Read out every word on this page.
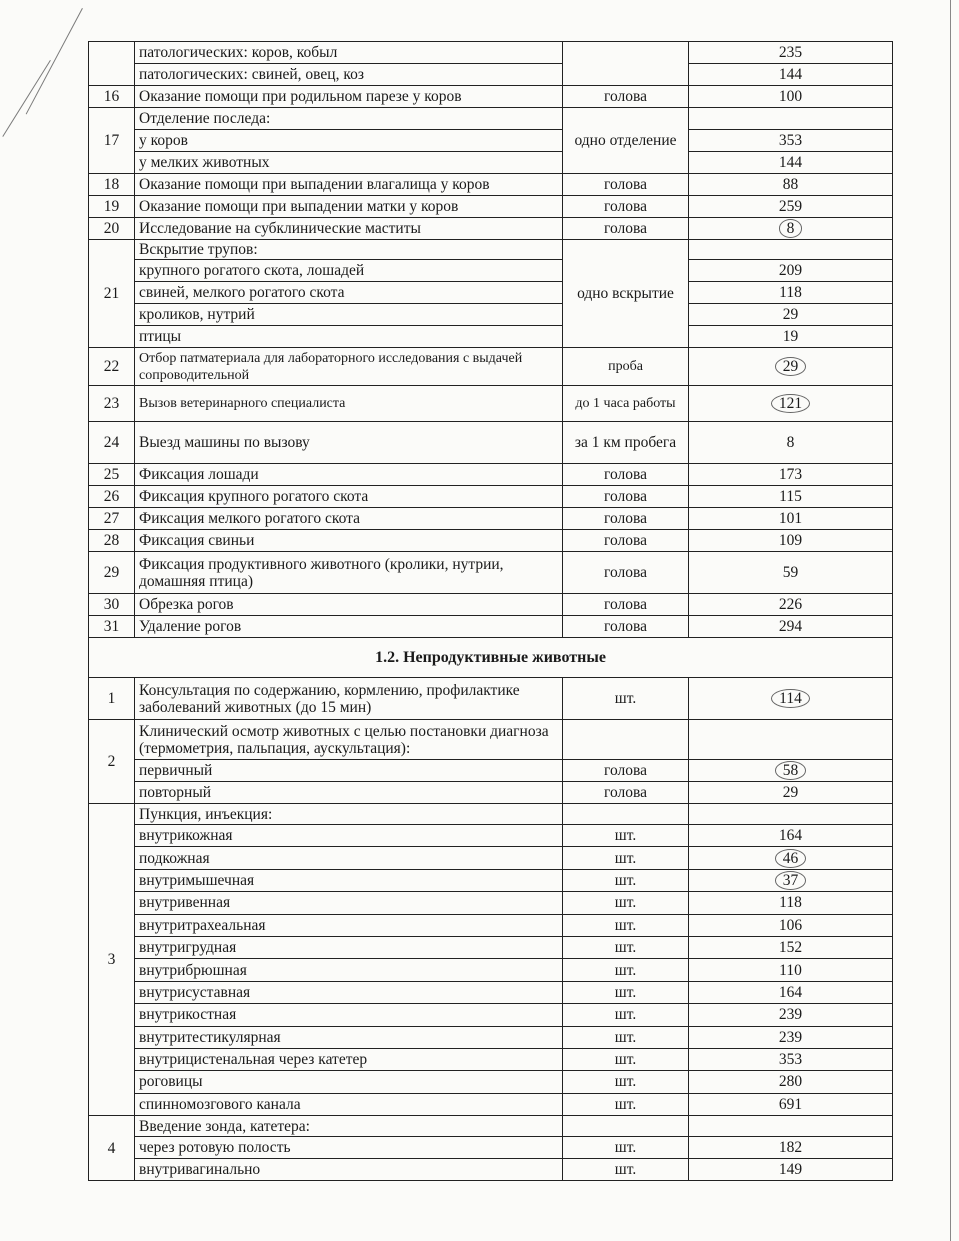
	патологических: коров, кобыл		235
	патологических: свиней, овец, коз		144
16	Оказание помощи при родильном парезе у коров	голова	100
17	Отделение последа:	одно отделение	
	у коров		353
	у мелких животных		144
18	Оказание помощи при выпадении влагалища у коров	голова	88
19	Оказание помощи при выпадении матки у коров	голова	259
20	Исследование на субклинические маститы	голова	8
21	Вскрытие трупов:	одно вскрытие	
	крупного рогатого скота, лошадей		209
	свиней, мелкого рогатого скота		118
	кроликов, нутрий		29
	птицы		19
22	Отбор патматериала для лабораторного исследования с выдачей сопроводительной	проба	29
23	Вызов ветеринарного специалиста	до 1 часа работы	121
24	Выезд машины по вызову	за 1 км пробега	8
25	Фиксация лошади	голова	173
26	Фиксация крупного рогатого скота	голова	115
27	Фиксация мелкого рогатого скота	голова	101
28	Фиксация свиньи	голова	109
29	Фиксация продуктивного животного (кролики, нутрии, домашняя птица)	голова	59
30	Обрезка рогов	голова	226
31	Удаление рогов	голова	294
1.2. Непродуктивные животные			
1	Консультация по содержанию, кормлению, профилактике заболеваний животных (до 15 мин)	шт.	114
2	Клинический осмотр животных с целью постановки диагноза (термометрия, пальпация, аускультация):		
	первичный	голова	58
	повторный	голова	29
3	Пункция, инъекция:		
	внутрикожная	шт.	164
	подкожная	шт.	46
	внутримышечная	шт.	37
	внутривенная	шт.	118
	внутритрахеальная	шт.	106
	внутригрудная	шт.	152
	внутрибрюшная	шт.	110
	внутрисуставная	шт.	164
	внутрикостная	шт.	239
	внутритестикулярная	шт.	239
	внутрицистенальная через катетер	шт.	353
	роговицы	шт.	280
	спинномозгового канала	шт.	691
4	Введение зонда, катетера:		
	через ротовую полость	шт.	182
	внутривагинально	шт.	149
